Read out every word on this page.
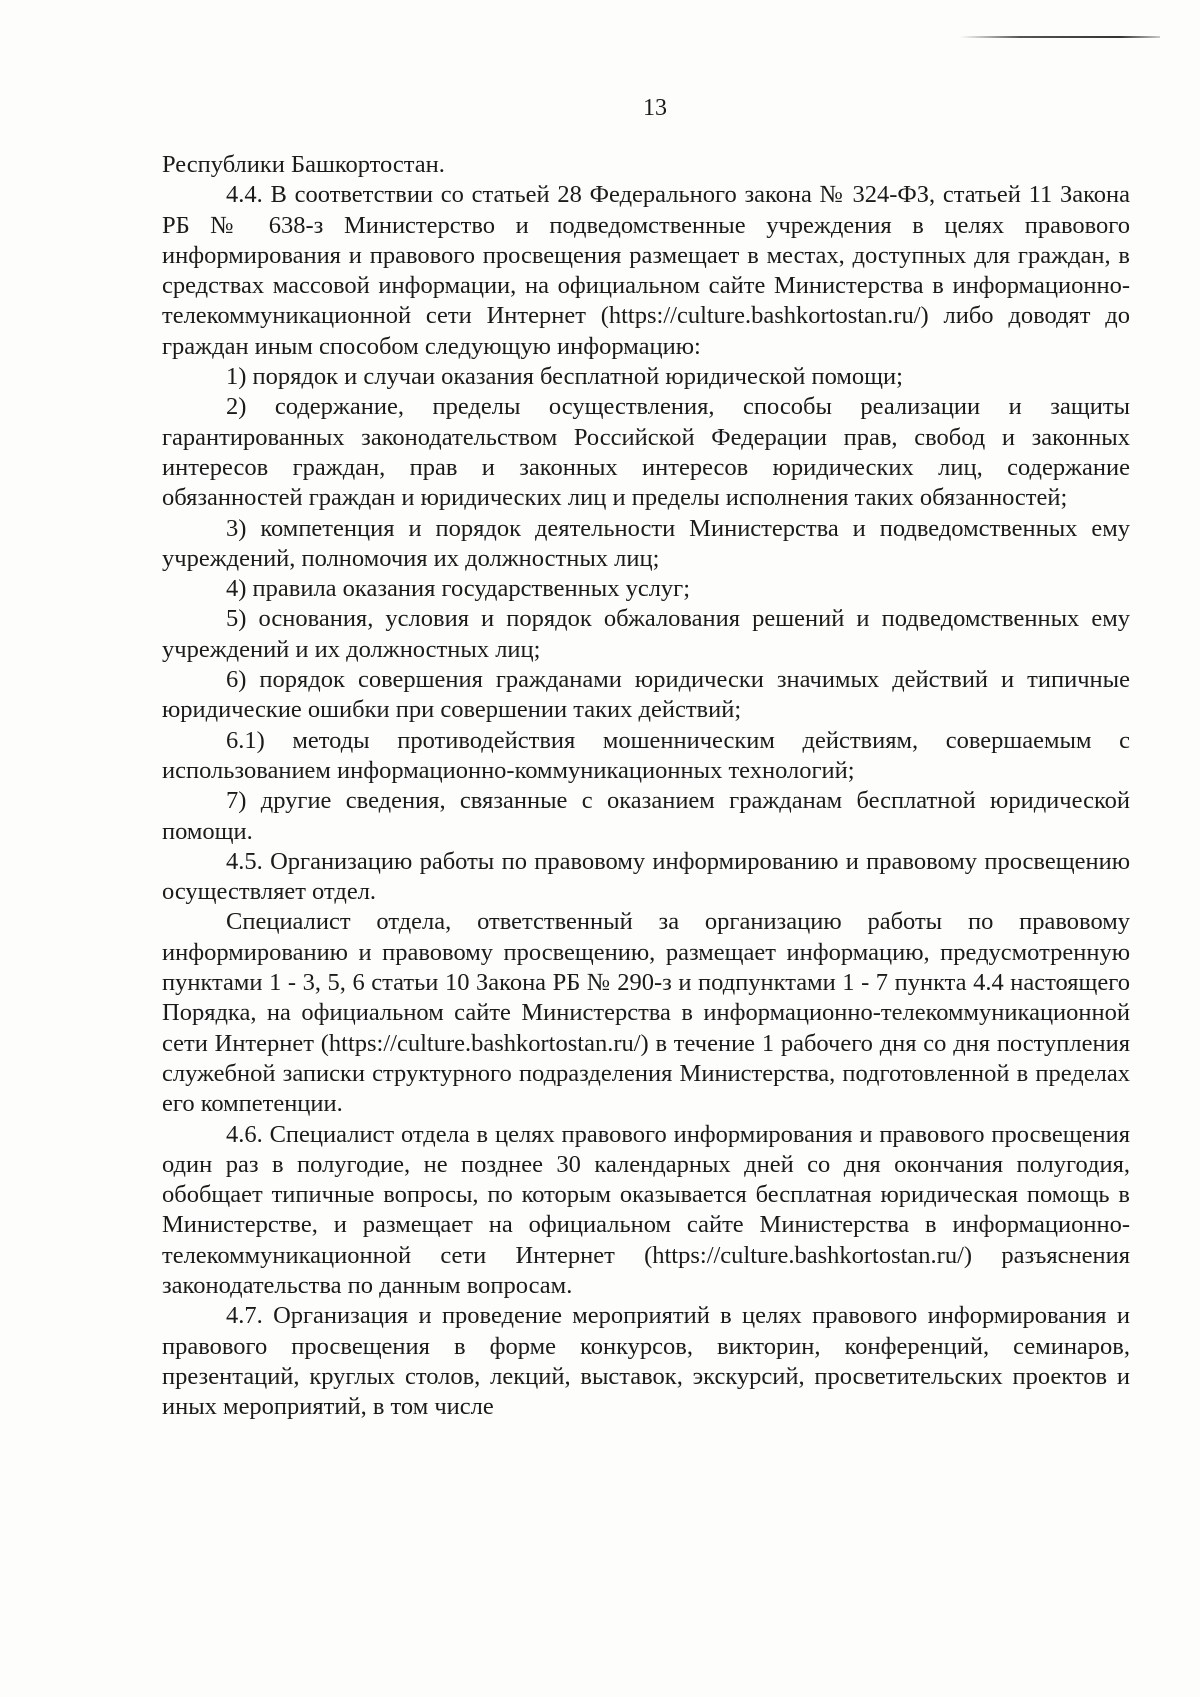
13

Республики Башкортостан.

4.4. В соответствии со статьей 28 Федерального закона № 324-ФЗ, статьей 11 Закона РБ № 638-з Министерство и подведомственные учреждения в целях правового информирования и правового просвещения размещает в местах, доступных для граждан, в средствах массовой информации, на официальном сайте Министерства в информационно-телекоммуникационной сети Интернет (https://culture.bashkortostan.ru/) либо доводят до граждан иным способом следующую информацию:

1) порядок и случаи оказания бесплатной юридической помощи;

2) содержание, пределы осуществления, способы реализации и защиты гарантированных законодательством Российской Федерации прав, свобод и законных интересов граждан, прав и законных интересов юридических лиц, содержание обязанностей граждан и юридических лиц и пределы исполнения таких обязанностей;

3) компетенция и порядок деятельности Министерства и подведомственных ему учреждений, полномочия их должностных лиц;

4) правила оказания государственных услуг;

5) основания, условия и порядок обжалования решений и подведомственных ему учреждений и их должностных лиц;

6) порядок совершения гражданами юридически значимых действий и типичные юридические ошибки при совершении таких действий;

6.1) методы противодействия мошенническим действиям, совершаемым с использованием информационно-коммуникационных технологий;

7) другие сведения, связанные с оказанием гражданам бесплатной юридической помощи.

4.5. Организацию работы по правовому информированию и правовому просвещению осуществляет отдел.

Специалист отдела, ответственный за организацию работы по правовому информированию и правовому просвещению, размещает информацию, предусмотренную пунктами 1 - 3, 5, 6 статьи 10 Закона РБ № 290-з и подпунктами 1 - 7 пункта 4.4 настоящего Порядка, на официальном сайте Министерства в информационно-телекоммуникационной сети Интернет (https://culture.bashkortostan.ru/) в течение 1 рабочего дня со дня поступления служебной записки структурного подразделения Министерства, подготовленной в пределах его компетенции.

4.6. Специалист отдела в целях правового информирования и правового просвещения один раз в полугодие, не позднее 30 календарных дней со дня окончания полугодия, обобщает типичные вопросы, по которым оказывается бесплатная юридическая помощь в Министерстве, и размещает на официальном сайте Министерства в информационно-телекоммуникационной сети Интернет (https://culture.bashkortostan.ru/) разъяснения законодательства по данным вопросам.

4.7. Организация и проведение мероприятий в целях правового информирования и правового просвещения в форме конкурсов, викторин, конференций, семинаров, презентаций, круглых столов, лекций, выставок, экскурсий, просветительских проектов и иных мероприятий, в том числе
